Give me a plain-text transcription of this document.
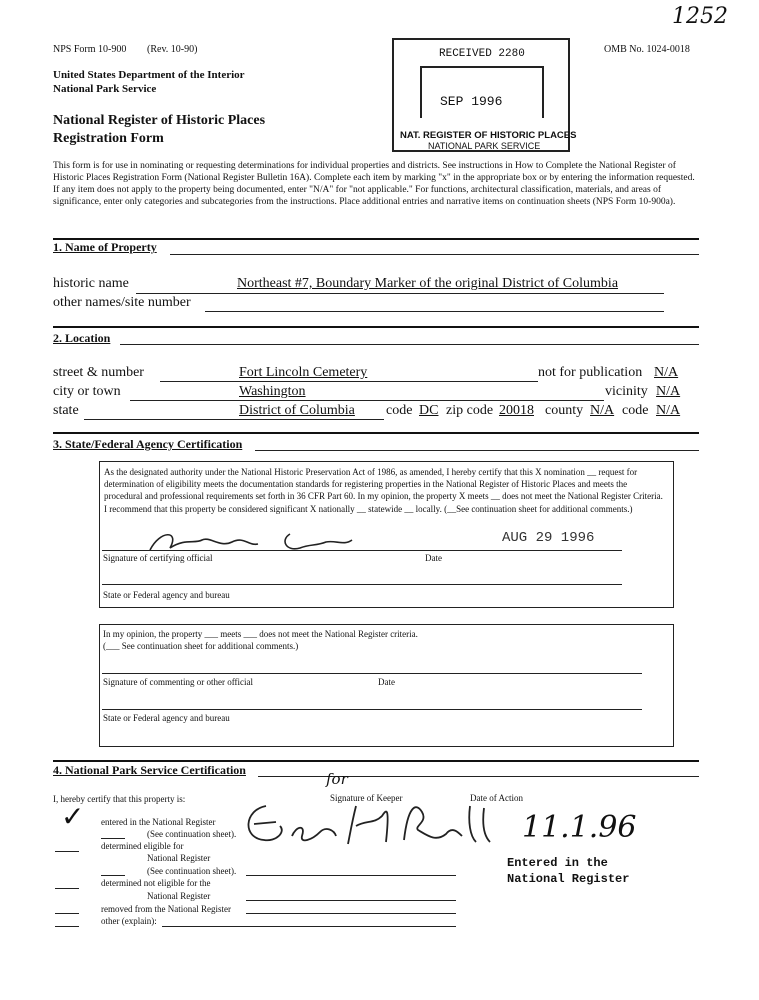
1252
NPS Form 10-900 (Rev. 10-90)	OMB No. 1024-0018
United States Department of the Interior
National Park Service
National Register of Historic Places
Registration Form
RECEIVED 2280
SEP 1996
NAT. REGISTER OF HISTORIC PLACES
NATIONAL PARK SERVICE
This form is for use in nominating or requesting determinations for individual properties and districts. See instructions in How to Complete the National Register of Historic Places Registration Form (National Register Bulletin 16A). Complete each item by marking "x" in the appropriate box or by entering the information requested. If any item does not apply to the property being documented, enter "N/A" for "not applicable." For functions, architectural classification, materials, and areas of significance, enter only categories and subcategories from the instructions. Place additional entries and narrative items on continuation sheets (NPS Form 10-900a).
1. Name of Property
historic name	Northeast #7, Boundary Marker of the original District of Columbia
other names/site number
2. Location
street & number	Fort Lincoln Cemetery	not for publication N/A
city or town	Washington	vicinity N/A
state	District of Columbia code DC zip code 20018 county N/A code N/A
3. State/Federal Agency Certification
As the designated authority under the National Historic Preservation Act of 1986, as amended, I hereby certify that this X nomination __ request for determination of eligibility meets the documentation standards for registering properties in the National Register of Historic Places and meets the procedural and professional requirements set forth in 36 CFR Part 60. In my opinion, the property X meets __ does not meet the National Register Criteria. I recommend that this property be considered significant X nationally __ statewide __ locally. (__See continuation sheet for additional comments.)
AUG 29 1996
Signature of certifying official	Date
State or Federal agency and bureau
In my opinion, the property ___ meets ___ does not meet the National Register criteria.
(___ See continuation sheet for additional comments.)
Signature of commenting or other official	Date
State or Federal agency and bureau
4. National Park Service Certification	for
I, hereby certify that this property is:	Signature of Keeper	Date of Action
✓	11.1.96
entered in the National Register
(See continuation sheet).
determined eligible for
National Register
(See continuation sheet).
determined not eligible for the
National Register
removed from the National Register
other (explain):
Entered in the
National Register
